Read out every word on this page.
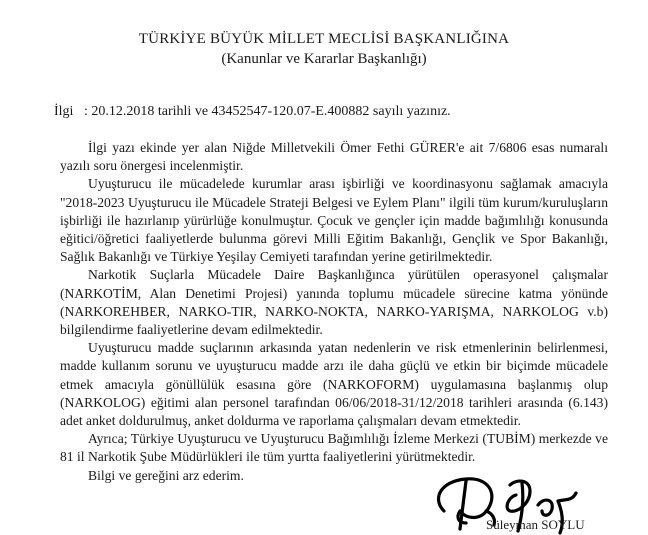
TÜRKİYE BÜYÜK MİLLET MECLİSİ BAŞKANLIĞINA
(Kanunlar ve Kararlar Başkanlığı)
İlgi : 20.12.2018 tarihli ve 43452547-120.07-E.400882 sayılı yazınız.

İlgi yazı ekinde yer alan Niğde Milletvekili Ömer Fethi GÜRER'e ait 7/6806 esas numaralı yazılı soru önergesi incelenmiştir.

Uyuşturucu ile mücadelede kurumlar arası işbirliği ve koordinasyonu sağlamak amacıyla "2018-2023 Uyuşturucu ile Mücadele Strateji Belgesi ve Eylem Planı" ilgili tüm kurum/kuruluşların işbirliği ile hazırlanıp yürürlüğe konulmuştur. Çocuk ve gençler için madde bağımlılığı konusunda eğitici/öğretici faaliyetlerde bulunma görevi Milli Eğitim Bakanlığı, Gençlik ve Spor Bakanlığı, Sağlık Bakanlığı ve Türkiye Yeşilay Cemiyeti tarafından yerine getirilmektedir.

Narkotik Suçlarla Mücadele Daire Başkanlığınca yürütülen operasyonel çalışmalar (NARKOTİM, Alan Denetimi Projesi) yanında toplumu mücadele sürecine katma yönünde (NARKOREHBER, NARKO-TIR, NARKO-NOKTA, NARKO-YARIŞMA, NARKOLOG v.b) bilgilendirme faaliyetlerine devam edilmektedir.

Uyuşturucu madde suçlarının arkasında yatan nedenlerin ve risk etmenlerinin belirlenmesi, madde kullanım sorunu ve uyuşturucu madde arzı ile daha güçlü ve etkin bir biçimde mücadele etmek amacıyla gönüllülük esasına göre (NARKOFORM) uygulamasına başlanmış olup (NARKOLOG) eğitimi alan personel tarafından 06/06/2018-31/12/2018 tarihleri arasında (6.143) adet anket doldurulmuş, anket doldurma ve raporlama çalışmaları devam etmektedir.

Ayrıca; Türkiye Uyuşturucu ve Uyuşturucu Bağımlılığı İzleme Merkezi (TUBİM) merkezde ve 81 il Narkotik Şube Müdürlükleri ile tüm yurtta faaliyetlerini yürütmektedir.

Bilgi ve gereğini arz ederim.

Süleyman SOYLU
